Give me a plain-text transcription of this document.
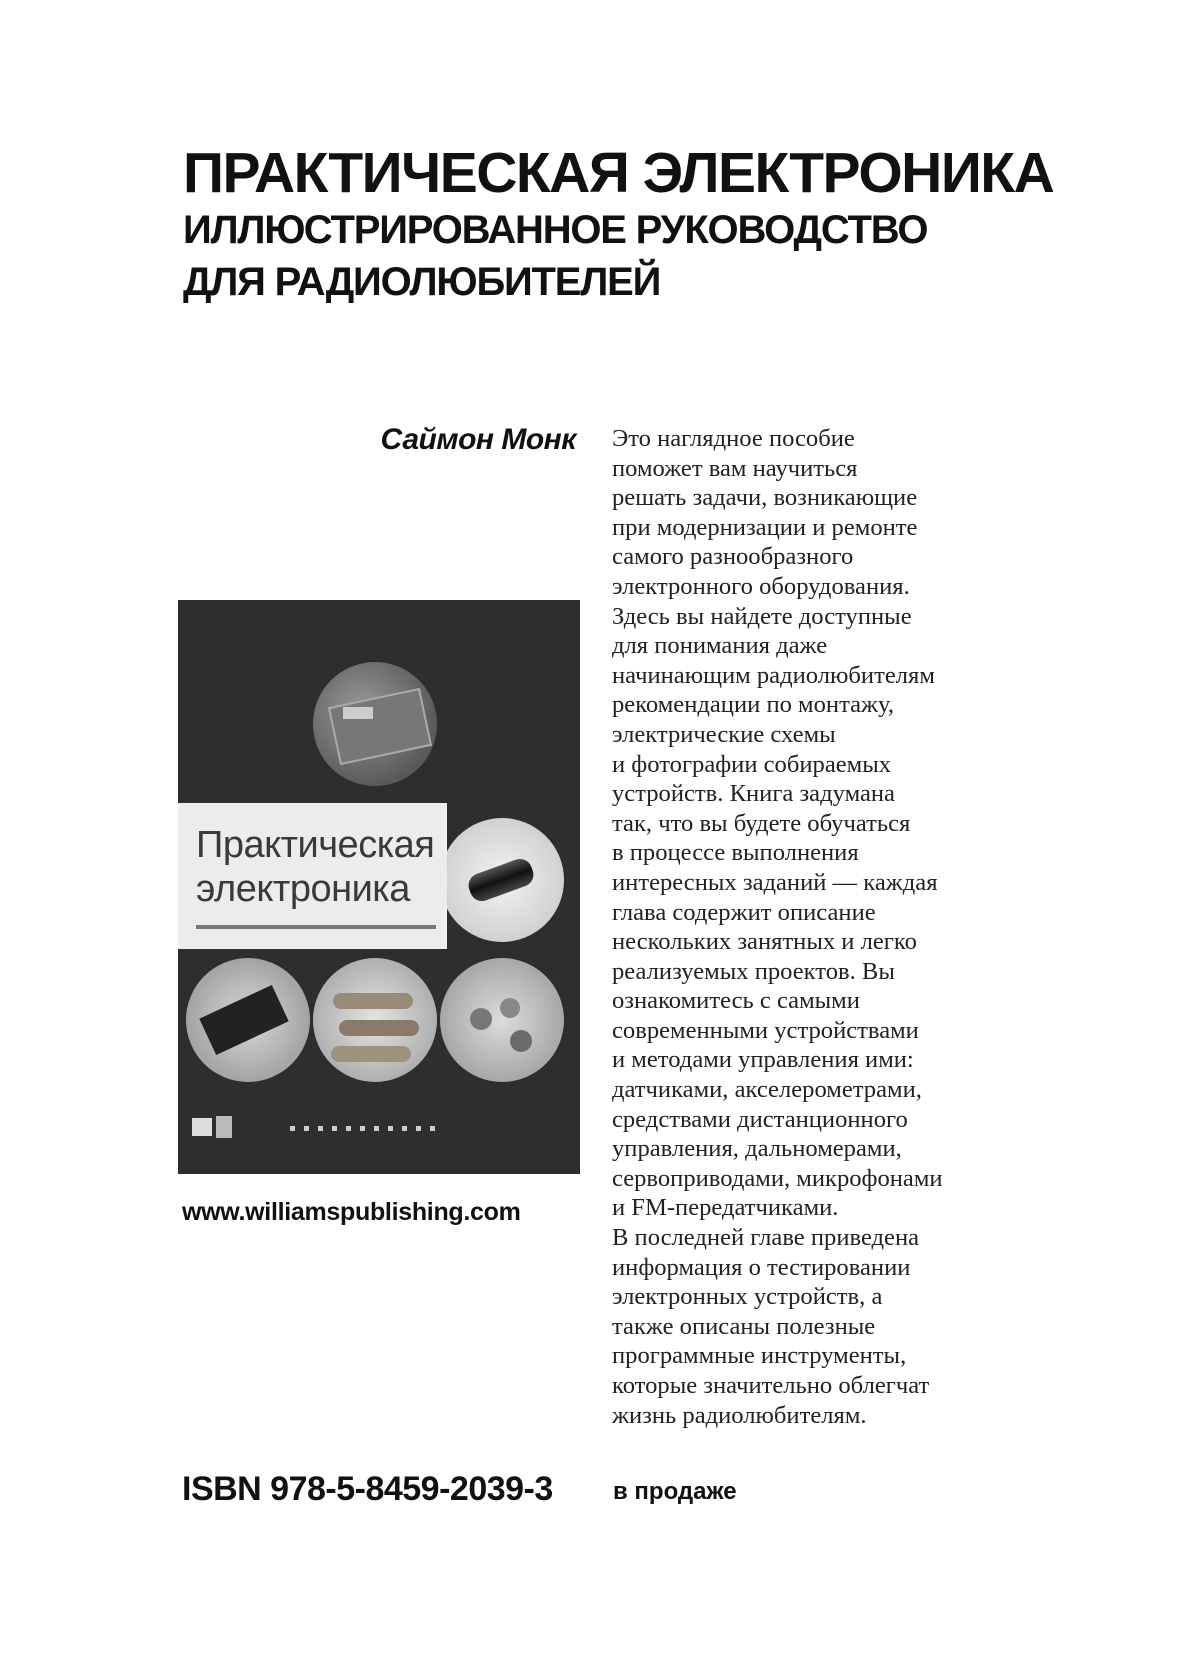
ПРАКТИЧЕСКАЯ ЭЛЕКТРОНИКА

ИЛЛЮСТРИРОВАННОЕ РУКОВОДСТВО

ДЛЯ РАДИОЛЮБИТЕЛЕЙ

Саймон Монк Это наглядное пособие
поможет вам научиться
решать задачи, возникающие
при модернизации и ремонте
самого разнообразного
электронного оборудования.
Здесь вы найдете доступные
для понимания даже
начинающим радиолюбителям
рекомендации по монтажу,
электрические схемы
и фотографии собираемых
устройств. Книга задумана
так, что вы будете обучаться
в процессе выполнения
интересных заданий — каждая
глава содержит описание
нескольких занятных и легко
реализуемых проектов. Вы
ознакомитесь с самыми
современными устройствами
и методами управления ими:
датчиками, акселерометрами,
средствами дистанционного
управления, дальномерами,
сервоприводами, микрофонами
и FM-передатчиками.
В последней главе приведена
информация о тестировании
электронных устройств, а
также описаны полезные
программные инструменты,
которые значительно облегчат
жизнь радиолюбителям.
Практическая
электроника
www.williamspublishing.com
ISBN 978-5-8459-2039-3	в продаже
